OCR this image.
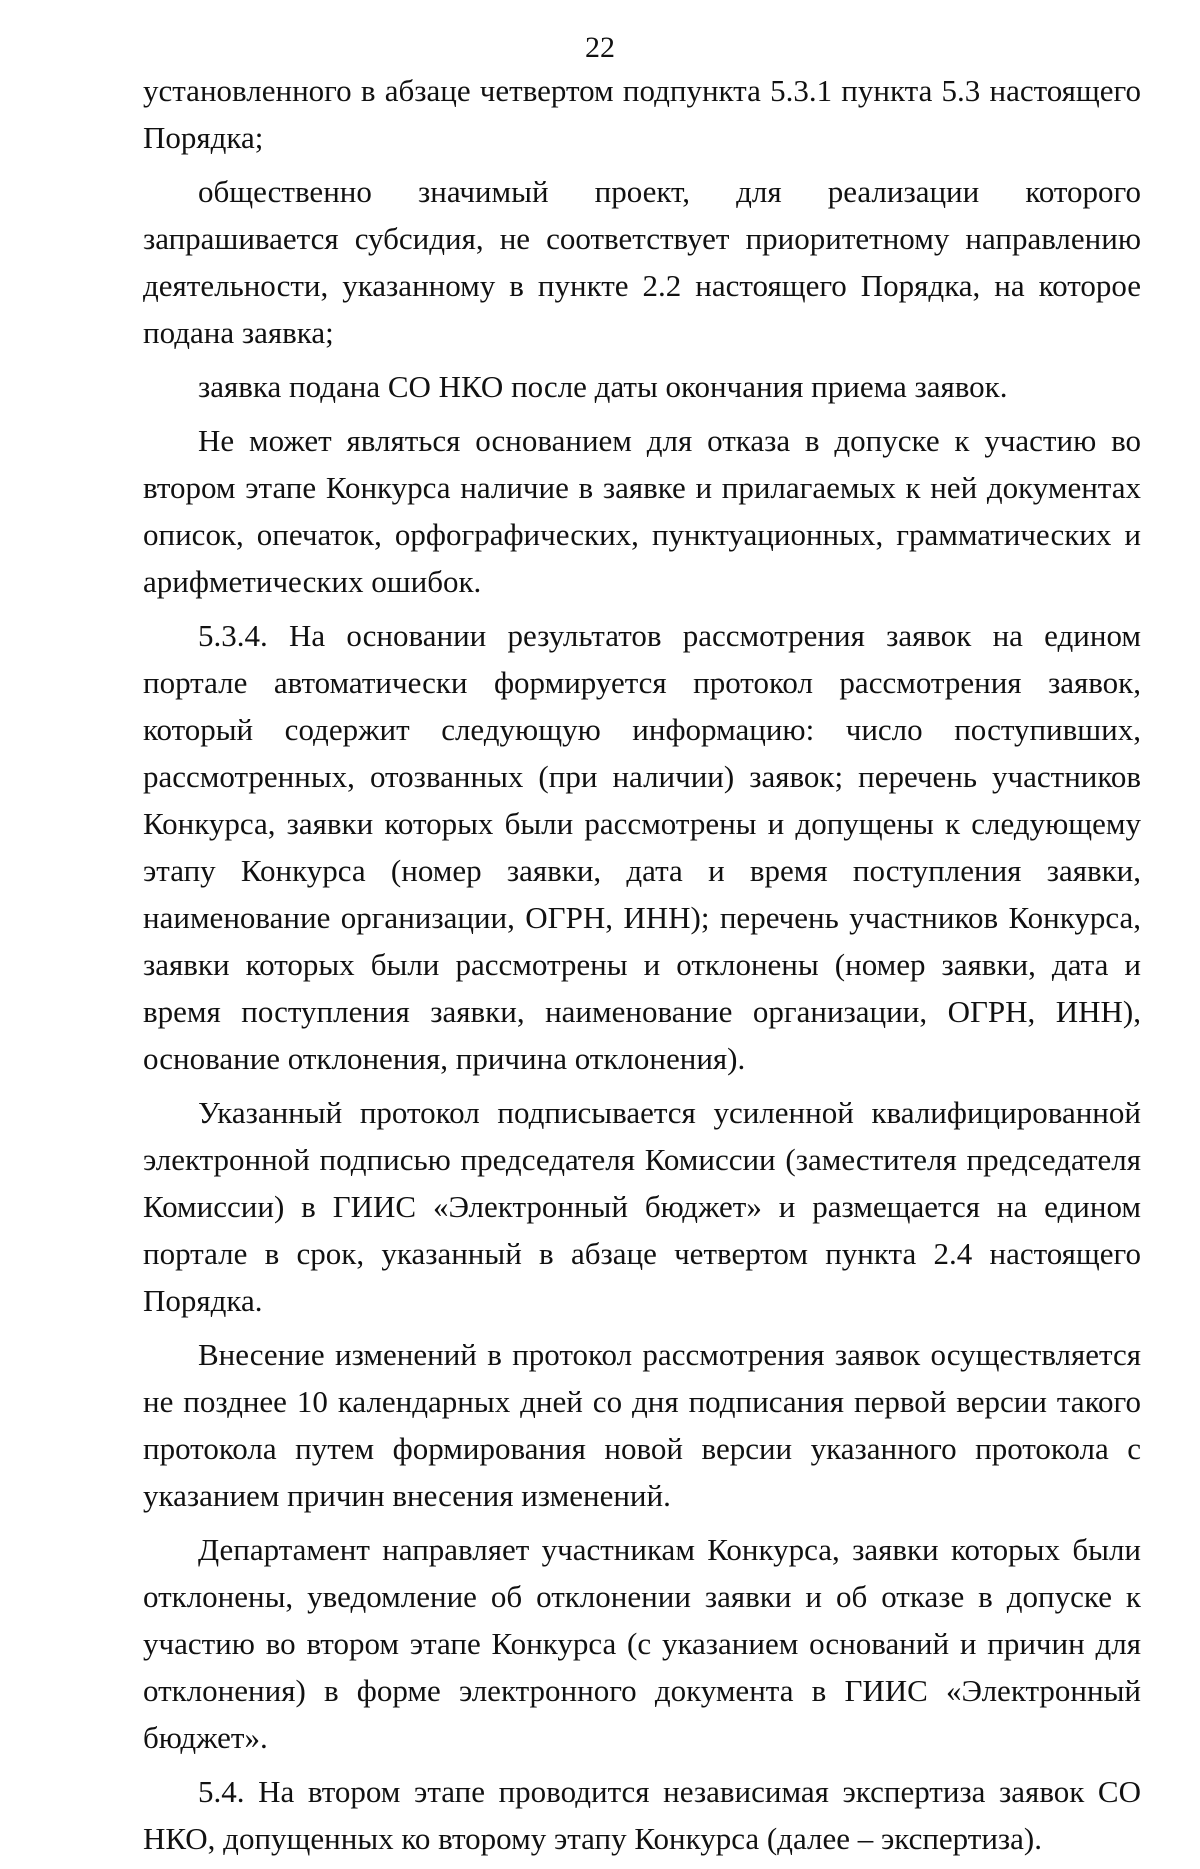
22

установленного в абзаце четвертом подпункта 5.3.1 пункта 5.3 настоящего Порядка;

общественно значимый проект, для реализации которого запрашивается субсидия, не соответствует приоритетному направлению деятельности, указанному в пункте 2.2 настоящего Порядка, на которое подана заявка;

заявка подана СО НКО после даты окончания приема заявок.

Не может являться основанием для отказа в допуске к участию во втором этапе Конкурса наличие в заявке и прилагаемых к ней документах описок, опечаток, орфографических, пунктуационных, грамматических и арифметических ошибок.

5.3.4. На основании результатов рассмотрения заявок на едином портале автоматически формируется протокол рассмотрения заявок, который содержит следующую информацию: число поступивших, рассмотренных, отозванных (при наличии) заявок; перечень участников Конкурса, заявки которых были рассмотрены и допущены к следующему этапу Конкурса (номер заявки, дата и время поступления заявки, наименование организации, ОГРН, ИНН); перечень участников Конкурса, заявки которых были рассмотрены и отклонены (номер заявки, дата и время поступления заявки, наименование организации, ОГРН, ИНН), основание отклонения, причина отклонения).

Указанный протокол подписывается усиленной квалифицированной электронной подписью председателя Комиссии (заместителя председателя Комиссии) в ГИИС «Электронный бюджет» и размещается на едином портале в срок, указанный в абзаце четвертом пункта 2.4 настоящего Порядка.

Внесение изменений в протокол рассмотрения заявок осуществляется не позднее 10 календарных дней со дня подписания первой версии такого протокола путем формирования новой версии указанного протокола с указанием причин внесения изменений.

Департамент направляет участникам Конкурса, заявки которых были отклонены, уведомление об отклонении заявки и об отказе в допуске к участию во втором этапе Конкурса (с указанием оснований и причин для отклонения) в форме электронного документа в ГИИС «Электронный бюджет».

5.4. На втором этапе проводится независимая экспертиза заявок СО НКО, допущенных ко второму этапу Конкурса (далее – экспертиза).
